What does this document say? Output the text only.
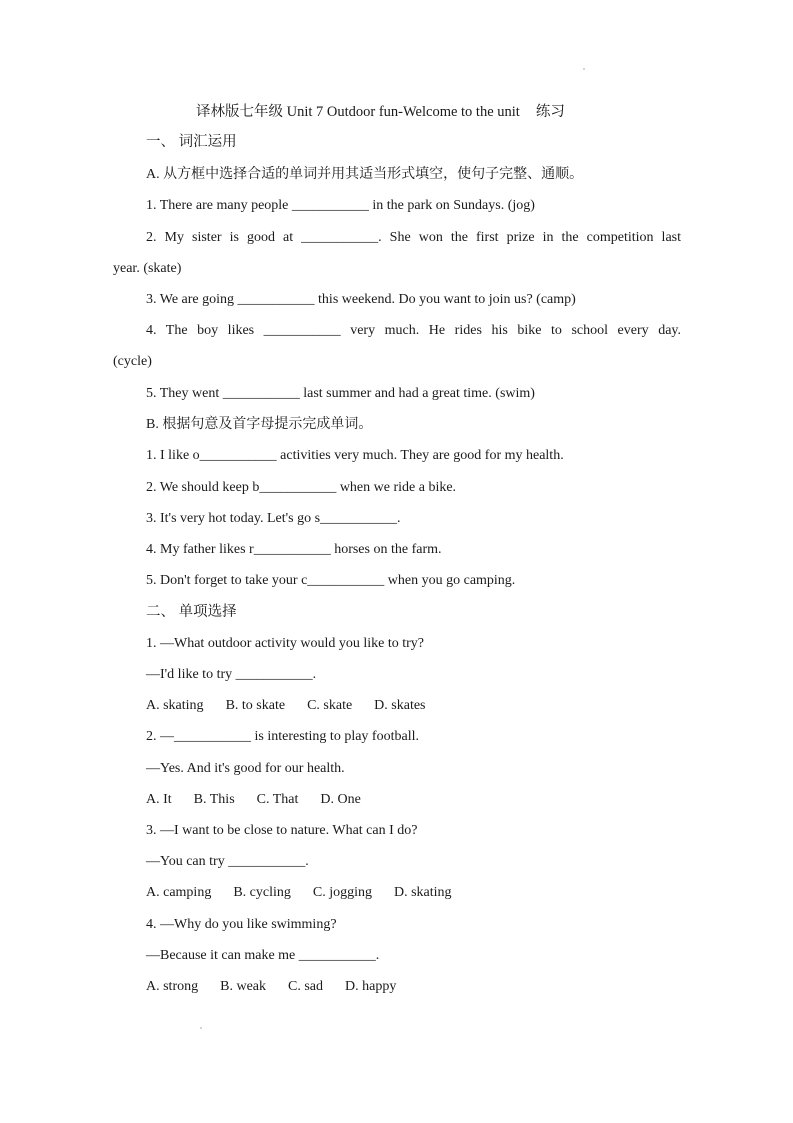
译林版七年级 Unit 7 Outdoor fun-Welcome to the unit 练习
一、 词汇运用
A. 从方框中选择合适的单词并用其适当形式填空，使句子完整、通顺。
1. There are many people ___________ in the park on Sundays. (jog)
2. My sister is good at ___________. She won the first prize in the competition last
year. (skate)
3. We are going ___________ this weekend. Do you want to join us? (camp)
4. The boy likes ___________ very much. He rides his bike to school every day.
(cycle)
5. They went ___________ last summer and had a great time. (swim)
B. 根据句意及首字母提示完成单词。
1. I like o___________ activities very much. They are good for my health.
2. We should keep b___________ when we ride a bike.
3. It's very hot today. Let's go s___________.
4. My father likes r___________ horses on the farm.
5. Don't forget to take your c___________ when you go camping.
二、 单项选择
1. —What outdoor activity would you like to try?
—I'd like to try ___________.
A. skating B. to skate C. skate D. skates
2. —___________ is interesting to play football.
—Yes. And it's good for our health.
A. It B. This C. That D. One
3. —I want to be close to nature. What can I do?
—You can try ___________.
A. camping B. cycling C. jogging D. skating
4. —Why do you like swimming?
—Because it can make me ___________.
A. strong B. weak C. sad D. happy
